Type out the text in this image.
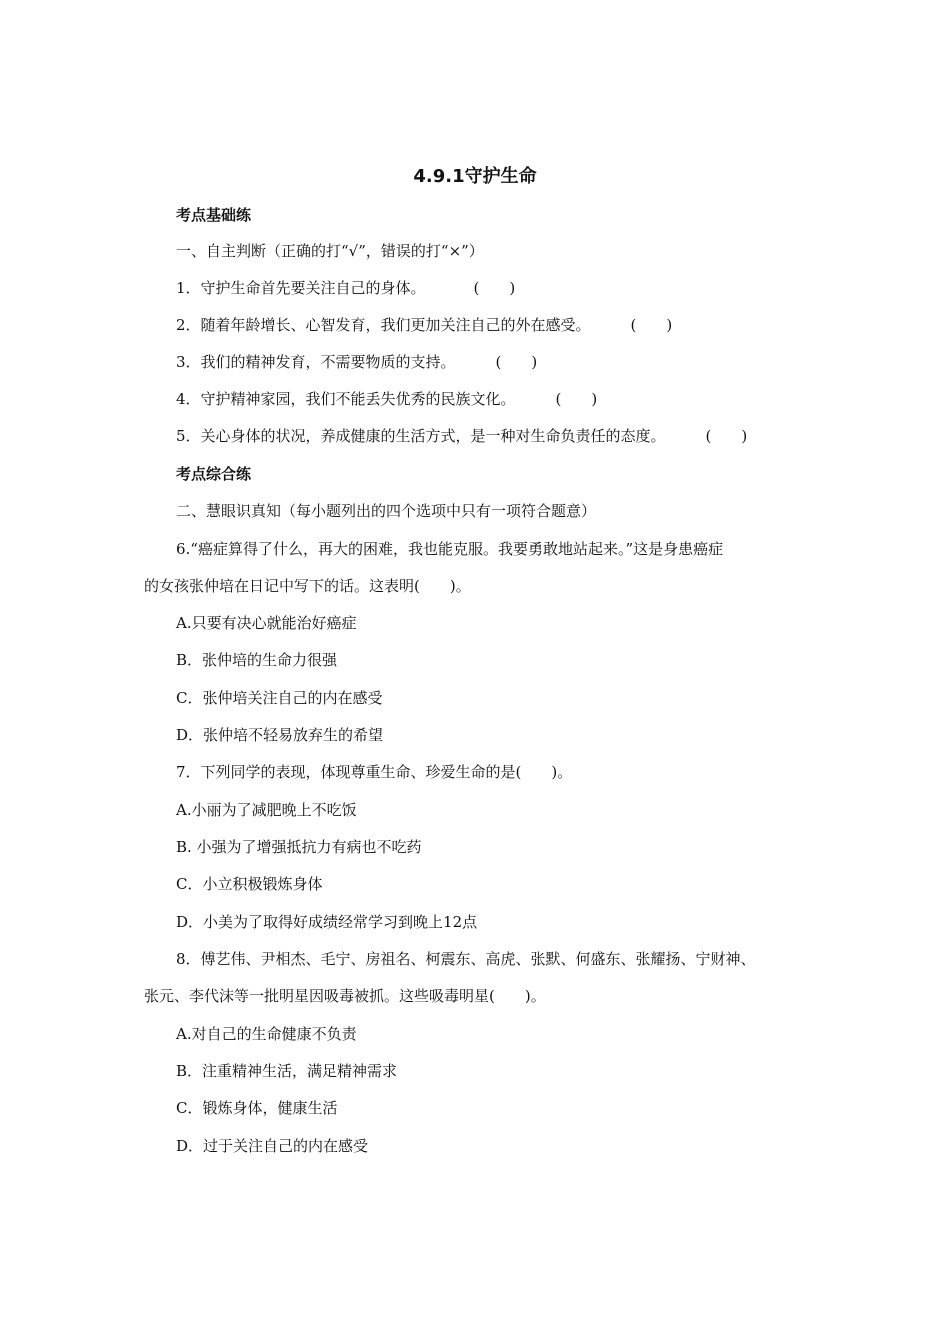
4.9.1守护生命
考点基础练
一、自主判断（正确的打“√”，错误的打“×”）
1．守护生命首先要关注自己的身体。	(　　)
2．随着年龄增长、心智发育，我们更加关注自己的外在感受。	(　　)
3．我们的精神发育，不需要物质的支持。	(　　)
4．守护精神家园，我们不能丢失优秀的民族文化。	(　　)
5．关心身体的状况，养成健康的生活方式，是一种对生命负责任的态度。	(　　)
考点综合练
二、慧眼识真知（每小题列出的四个选项中只有一项符合题意）
6.“癌症算得了什么，再大的困难，我也能克服。我要勇敢地站起来。”这是身患癌症
的女孩张仲培在日记中写下的话。这表明(　　)。
A.只要有决心就能治好癌症
B．张仲培的生命力很强
C．张仲培关注自己的内在感受
D．张仲培不轻易放弃生的希望
7．下列同学的表现，体现尊重生命、珍爱生命的是(　　)。
A.小丽为了减肥晚上不吃饭
B. 小强为了增强抵抗力有病也不吃药
C．小立积极锻炼身体
D．小美为了取得好成绩经常学习到晚上12点
8．傅艺伟、尹相杰、毛宁、房祖名、柯震东、高虎、张默、何盛东、张耀扬、宁财神、
张元、李代沫等一批明星因吸毒被抓。这些吸毒明星(　　)。
A.对自己的生命健康不负责
B．注重精神生活，满足精神需求
C．锻炼身体，健康生活
D．过于关注自己的内在感受
